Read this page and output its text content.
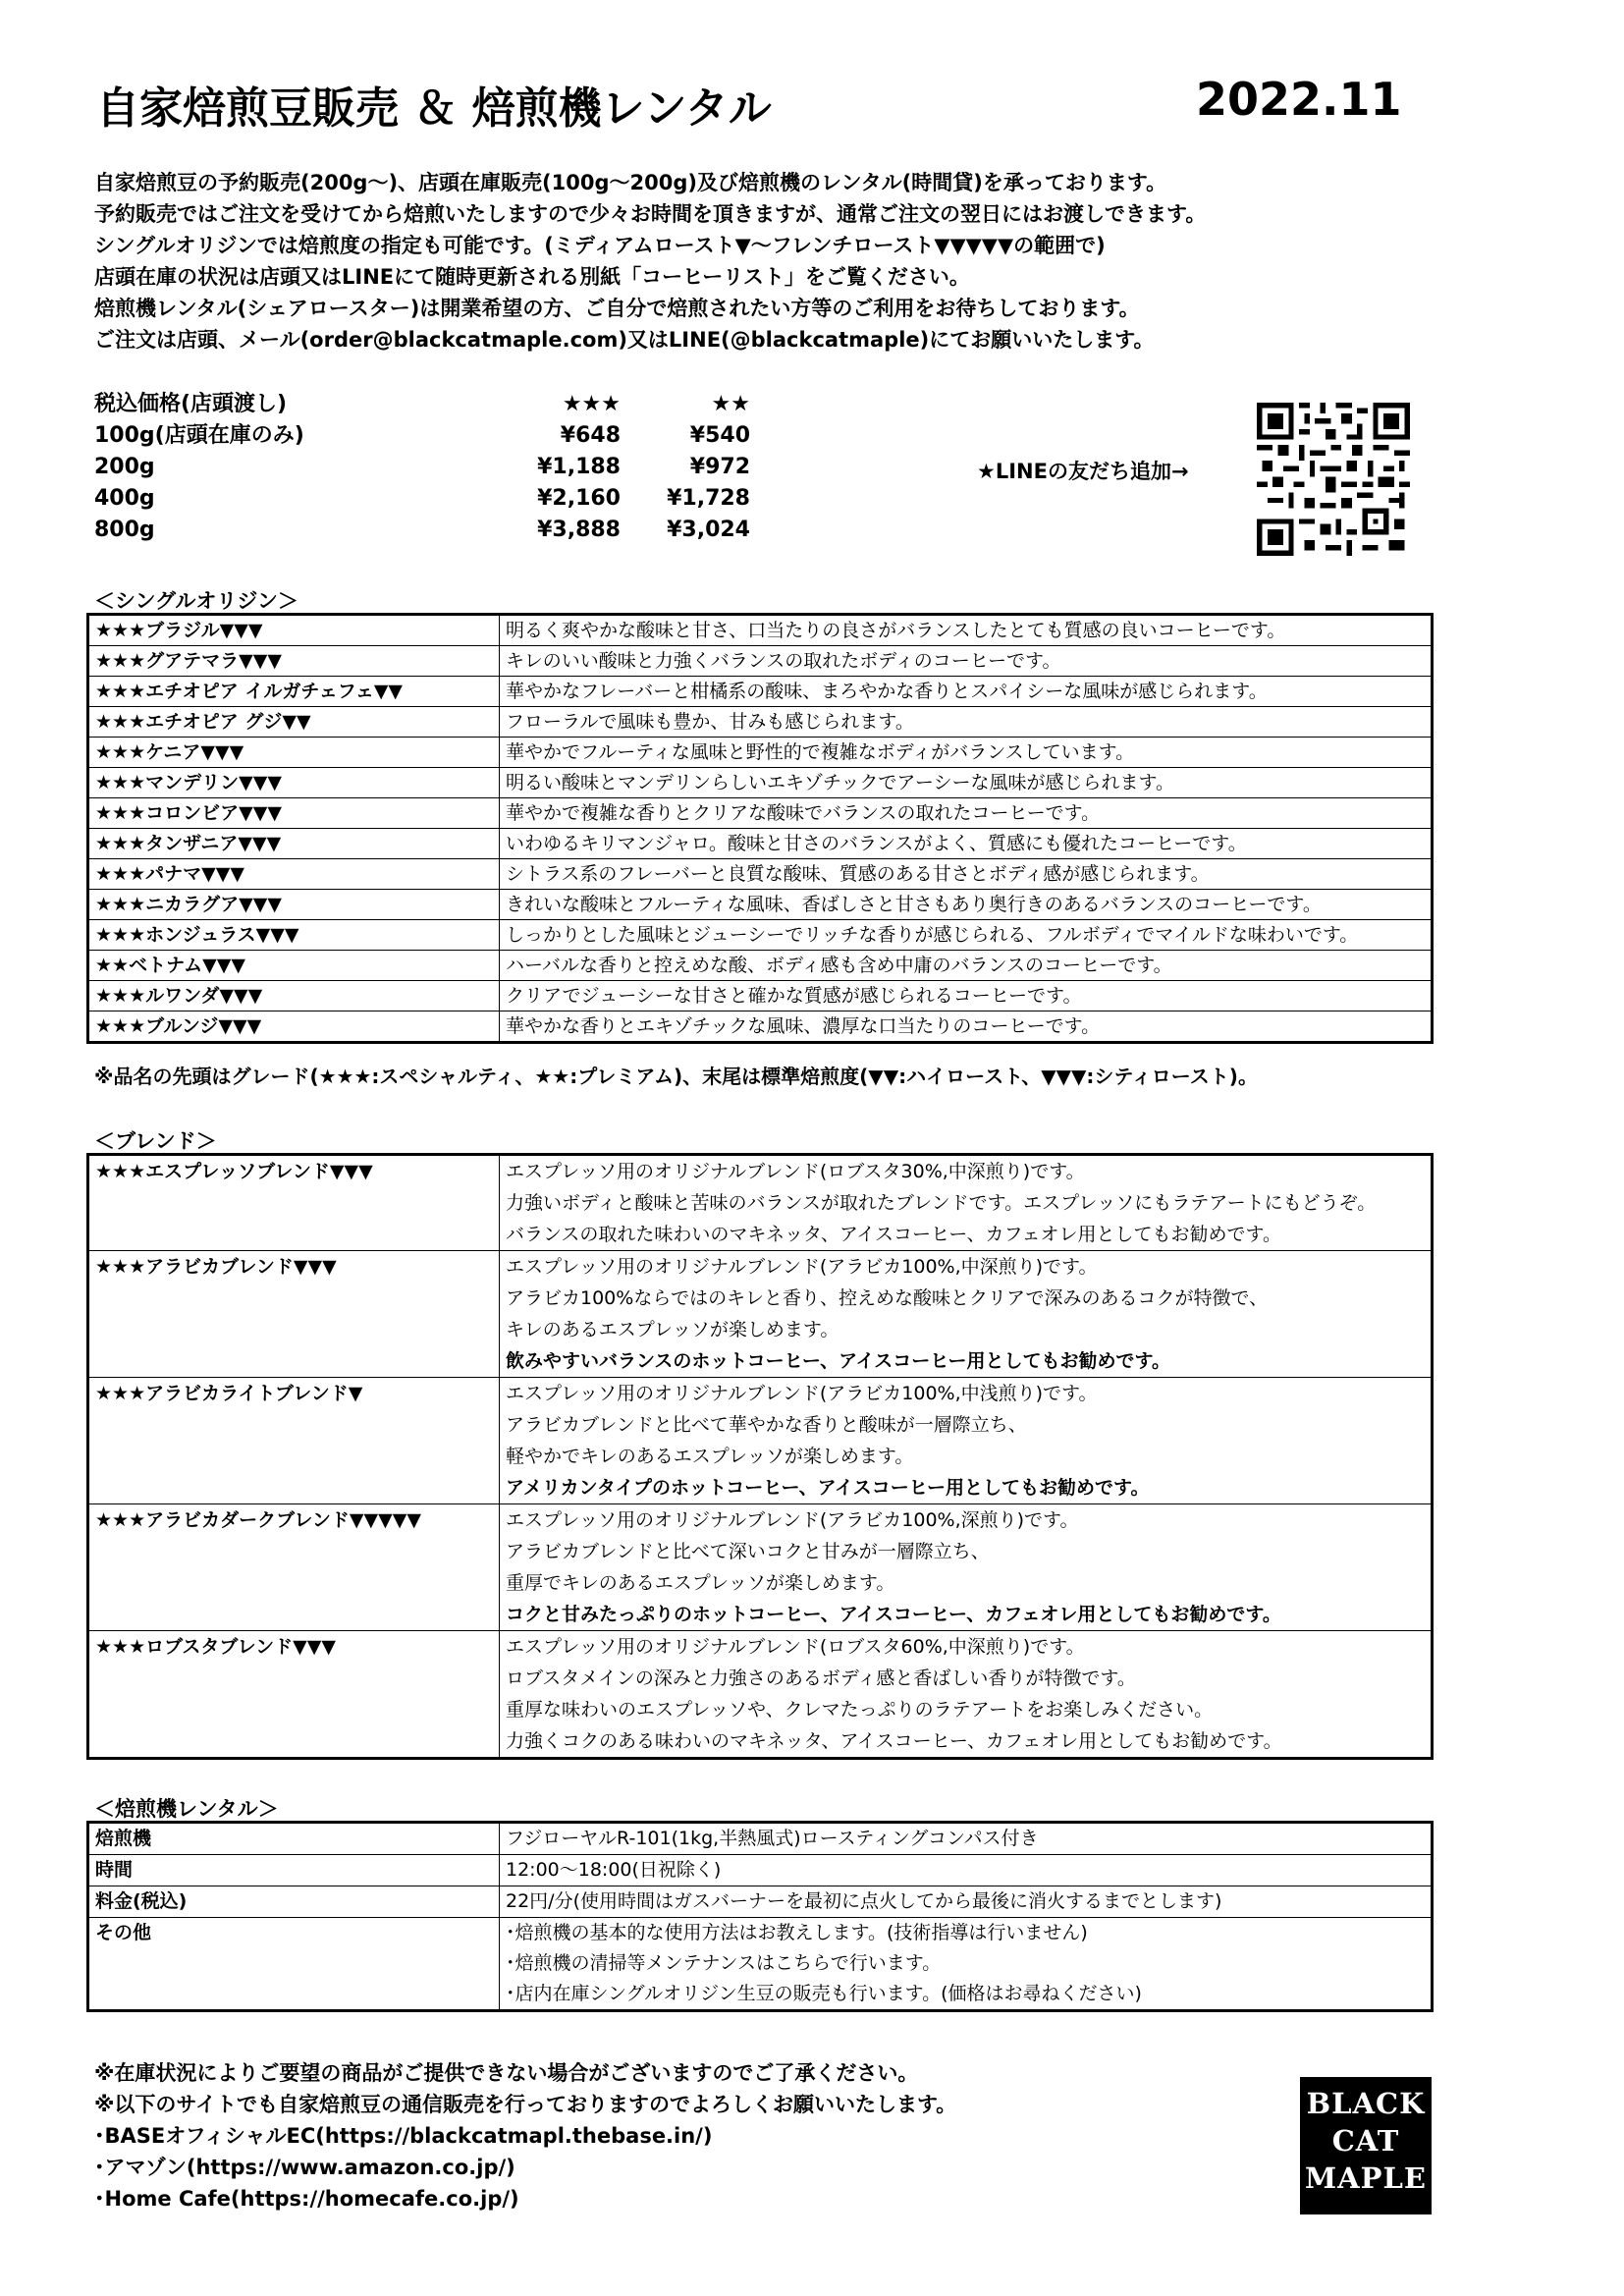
自家焙煎豆販売 ＆ 焙煎機レンタル	2022.11
自家焙煎豆の予約販売(200g～)、店頭在庫販売(100g～200g)及び焙煎機のレンタル(時間貸)を承っております。
予約販売ではご注文を受けてから焙煎いたしますので少々お時間を頂きますが、通常ご注文の翌日にはお渡しできます。
シングルオリジンでは焙煎度の指定も可能です。(ミディアムロースト▼～フレンチロースト▼▼▼▼▼の範囲で)
店頭在庫の状況は店頭又はLINEにて随時更新される別紙「コーヒーリスト」をご覧ください。
焙煎機レンタル(シェアロースター)は開業希望の方、ご自分で焙煎されたい方等のご利用をお待ちしております。
ご注文は店頭、メール(order@blackcatmaple.com)又はLINE(@blackcatmaple)にてお願いいたします。
税込価格(店頭渡し)	★★★	★★
100g(店頭在庫のみ)	¥648	¥540
200g	¥1,188	¥972
400g	¥2,160	¥1,728
800g	¥3,888	¥3,024
★LINEの友だち追加→
＜シングルオリジン＞
★★★ブラジル▼▼▼	明るく爽やかな酸味と甘さ、口当たりの良さがバランスしたとても質感の良いコーヒーです。
★★★グアテマラ▼▼▼	キレのいい酸味と力強くバランスの取れたボディのコーヒーです。
★★★エチオピア イルガチェフェ▼▼	華やかなフレーバーと柑橘系の酸味、まろやかな香りとスパイシーな風味が感じられます。
★★★エチオピア グジ▼▼	フローラルで風味も豊か、甘みも感じられます。
★★★ケニア▼▼▼	華やかでフルーティな風味と野性的で複雑なボディがバランスしています。
★★★マンデリン▼▼▼	明るい酸味とマンデリンらしいエキゾチックでアーシーな風味が感じられます。
★★★コロンビア▼▼▼	華やかで複雑な香りとクリアな酸味でバランスの取れたコーヒーです。
★★★タンザニア▼▼▼	いわゆるキリマンジャロ。酸味と甘さのバランスがよく、質感にも優れたコーヒーです。
★★★パナマ▼▼▼	シトラス系のフレーバーと良質な酸味、質感のある甘さとボディ感が感じられます。
★★★ニカラグア▼▼▼	きれいな酸味とフルーティな風味、香ばしさと甘さもあり奥行きのあるバランスのコーヒーです。
★★★ホンジュラス▼▼▼	しっかりとした風味とジューシーでリッチな香りが感じられる、フルボディでマイルドな味わいです。
★★ベトナム▼▼▼	ハーバルな香りと控えめな酸、ボディ感も含め中庸のバランスのコーヒーです。
★★★ルワンダ▼▼▼	クリアでジューシーな甘さと確かな質感が感じられるコーヒーです。
★★★ブルンジ▼▼▼	華やかな香りとエキゾチックな風味、濃厚な口当たりのコーヒーです。
※品名の先頭はグレード(★★★:スペシャルティ、★★:プレミアム)、末尾は標準焙煎度(▼▼:ハイロースト、▼▼▼:シティロースト)。
＜ブレンド＞
★★★エスプレッソブレンド▼▼▼	エスプレッソ用のオリジナルブレンド(ロブスタ30%,中深煎り)です。
力強いボディと酸味と苦味のバランスが取れたブレンドです。エスプレッソにもラテアートにもどうぞ。
バランスの取れた味わいのマキネッタ、アイスコーヒー、カフェオレ用としてもお勧めです。

★★★アラビカブレンド▼▼▼	エスプレッソ用のオリジナルブレンド(アラビカ100%,中深煎り)です。
アラビカ100%ならではのキレと香り、控えめな酸味とクリアで深みのあるコクが特徴で、
キレのあるエスプレッソが楽しめます。
飲みやすいバランスのホットコーヒー、アイスコーヒー用としてもお勧めです。

★★★アラビカライトブレンド▼	エスプレッソ用のオリジナルブレンド(アラビカ100%,中浅煎り)です。
アラビカブレンドと比べて華やかな香りと酸味が一層際立ち、
軽やかでキレのあるエスプレッソが楽しめます。
アメリカンタイプのホットコーヒー、アイスコーヒー用としてもお勧めです。

★★★アラビカダークブレンド▼▼▼▼▼	エスプレッソ用のオリジナルブレンド(アラビカ100%,深煎り)です。
アラビカブレンドと比べて深いコクと甘みが一層際立ち、
重厚でキレのあるエスプレッソが楽しめます。
コクと甘みたっぷりのホットコーヒー、アイスコーヒー、カフェオレ用としてもお勧めです。

★★★ロブスタブレンド▼▼▼	エスプレッソ用のオリジナルブレンド(ロブスタ60%,中深煎り)です。
ロブスタメインの深みと力強さのあるボディ感と香ばしい香りが特徴です。
重厚な味わいのエスプレッソや、クレマたっぷりのラテアートをお楽しみください。
力強くコクのある味わいのマキネッタ、アイスコーヒー、カフェオレ用としてもお勧めです。
＜焙煎機レンタル＞
焙煎機	フジローヤルR-101(1kg,半熱風式)ロースティングコンパス付き

時間	12:00～18:00(日祝除く)

料金(税込)	22円/分(使用時間はガスバーナーを最初に点火してから最後に消火するまでとします)

その他	･焙煎機の基本的な使用方法はお教えします。(技術指導は行いません)
･焙煎機の清掃等メンテナンスはこちらで行います。
･店内在庫シングルオリジン生豆の販売も行います。(価格はお尋ねください)
※在庫状況によりご要望の商品がご提供できない場合がございますのでご了承ください。
※以下のサイトでも自家焙煎豆の通信販売を行っておりますのでよろしくお願いいたします。
･BASEオフィシャルEC(https://blackcatmapl.thebase.in/)
･アマゾン(https://www.amazon.co.jp/)
･Home Cafe(https://homecafe.co.jp/)
BLACK
CAT
MAPLE
